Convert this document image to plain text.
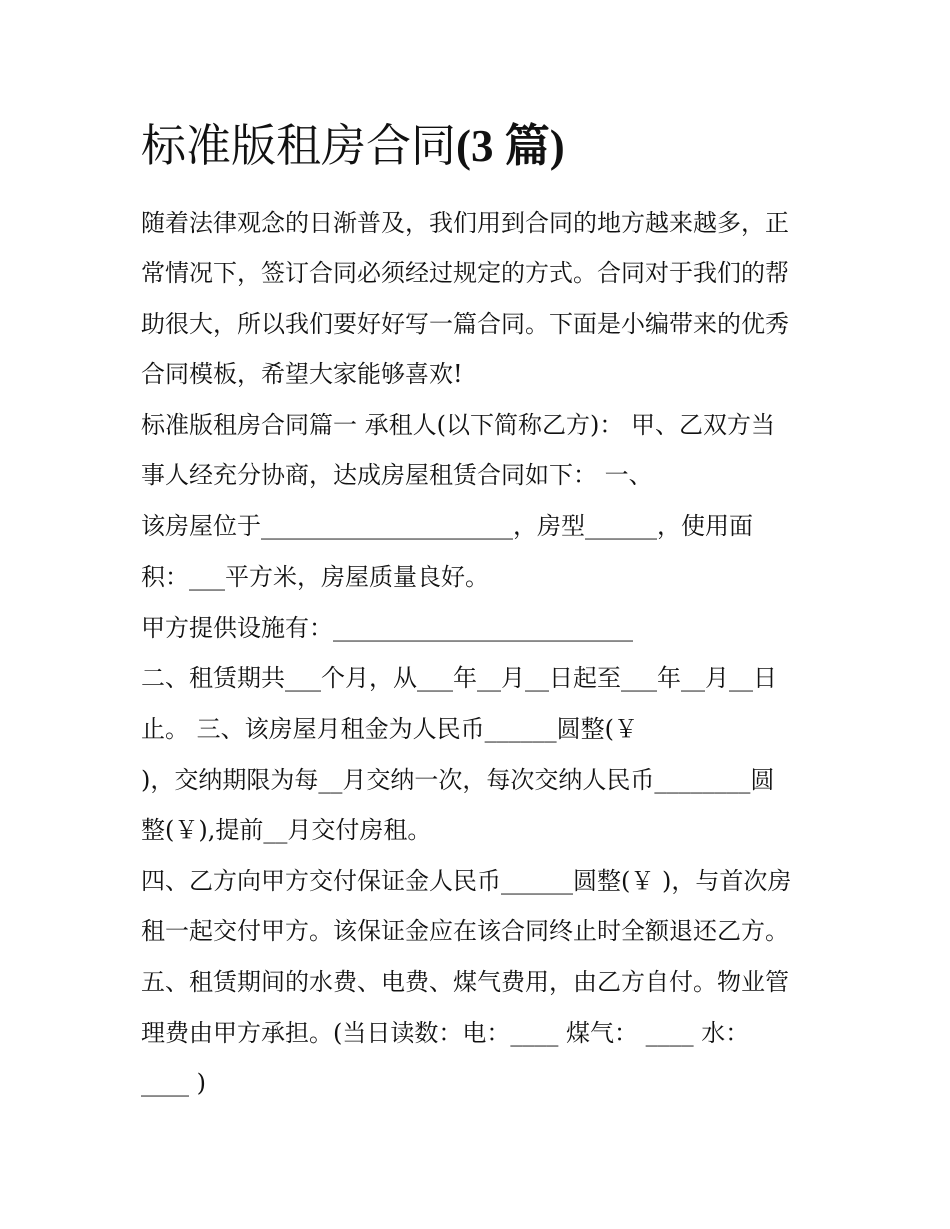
标准版租房合同(3 篇)
随着法律观念的日渐普及，我们用到合同的地方越来越多，正
常情况下，签订合同必须经过规定的方式。合同对于我们的帮
助很大，所以我们要好好写一篇合同。下面是小编带来的优秀
合同模板，希望大家能够喜欢!
标准版租房合同篇一 承租人(以下简称乙方)： 甲、乙双方当
事人经充分协商，达成房屋租赁合同如下： 一、
该房屋位于_____________________，房型______，使用面
积：___平方米，房屋质量良好。
甲方提供设施有：_________________________
二、租赁期共___个月，从___年__月__日起至___年__月__日
止。 三、该房屋月租金为人民币______圆整(￥
)，交纳期限为每__月交纳一次，每次交纳人民币________圆
整(￥),提前__月交付房租。
四、乙方向甲方交付保证金人民币______圆整(￥ )，与首次房
租一起交付甲方。该保证金应在该合同终止时全额退还乙方。
五、租赁期间的水费、电费、煤气费用，由乙方自付。物业管
理费由甲方承担。(当日读数：电：____ 煤气： ____ 水：
____ )
